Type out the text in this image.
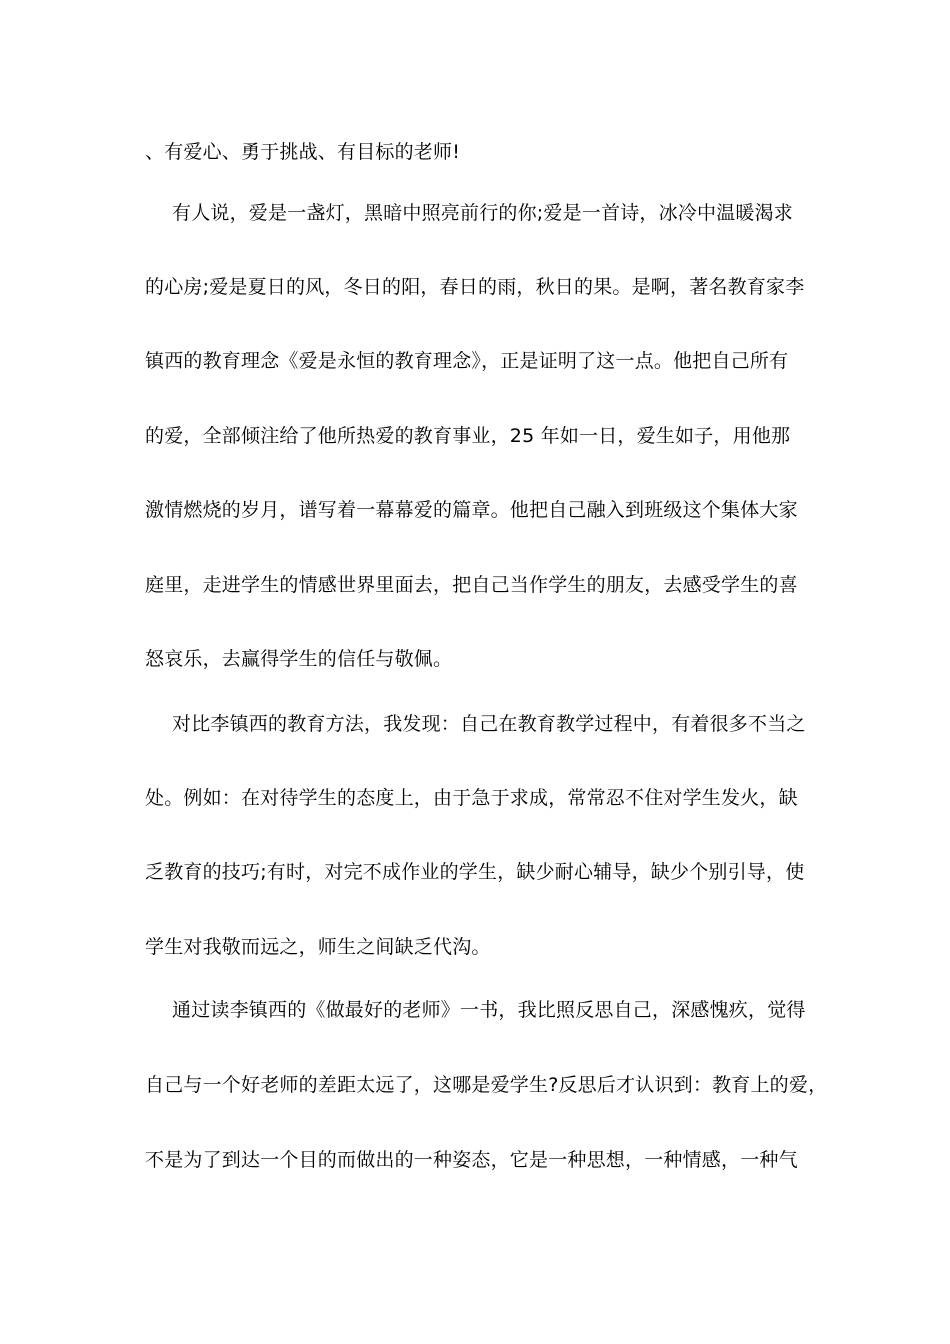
、有爱心、勇于挑战、有目标的老师!
有人说，爱是一盏灯，黑暗中照亮前行的你;爱是一首诗，冰冷中温暖渴求
的心房;爱是夏日的风，冬日的阳，春日的雨，秋日的果。是啊，著名教育家李
镇西的教育理念《爱是永恒的教育理念》，正是证明了这一点。他把自己所有
的爱，全部倾注给了他所热爱的教育事业，25 年如一日，爱生如子，用他那
激情燃烧的岁月，谱写着一幕幕爱的篇章。他把自己融入到班级这个集体大家
庭里，走进学生的情感世界里面去，把自己当作学生的朋友，去感受学生的喜
怒哀乐，去赢得学生的信任与敬佩。
对比李镇西的教育方法，我发现：自己在教育教学过程中，有着很多不当之
处。例如：在对待学生的态度上，由于急于求成，常常忍不住对学生发火，缺
乏教育的技巧;有时，对完不成作业的学生，缺少耐心辅导，缺少个别引导，使
学生对我敬而远之，师生之间缺乏代沟。
通过读李镇西的《做最好的老师》一书，我比照反思自己，深感愧疚，觉得
自己与一个好老师的差距太远了，这哪是爱学生?反思后才认识到：教育上的爱，
不是为了到达一个目的而做出的一种姿态，它是一种思想，一种情感，一种气
